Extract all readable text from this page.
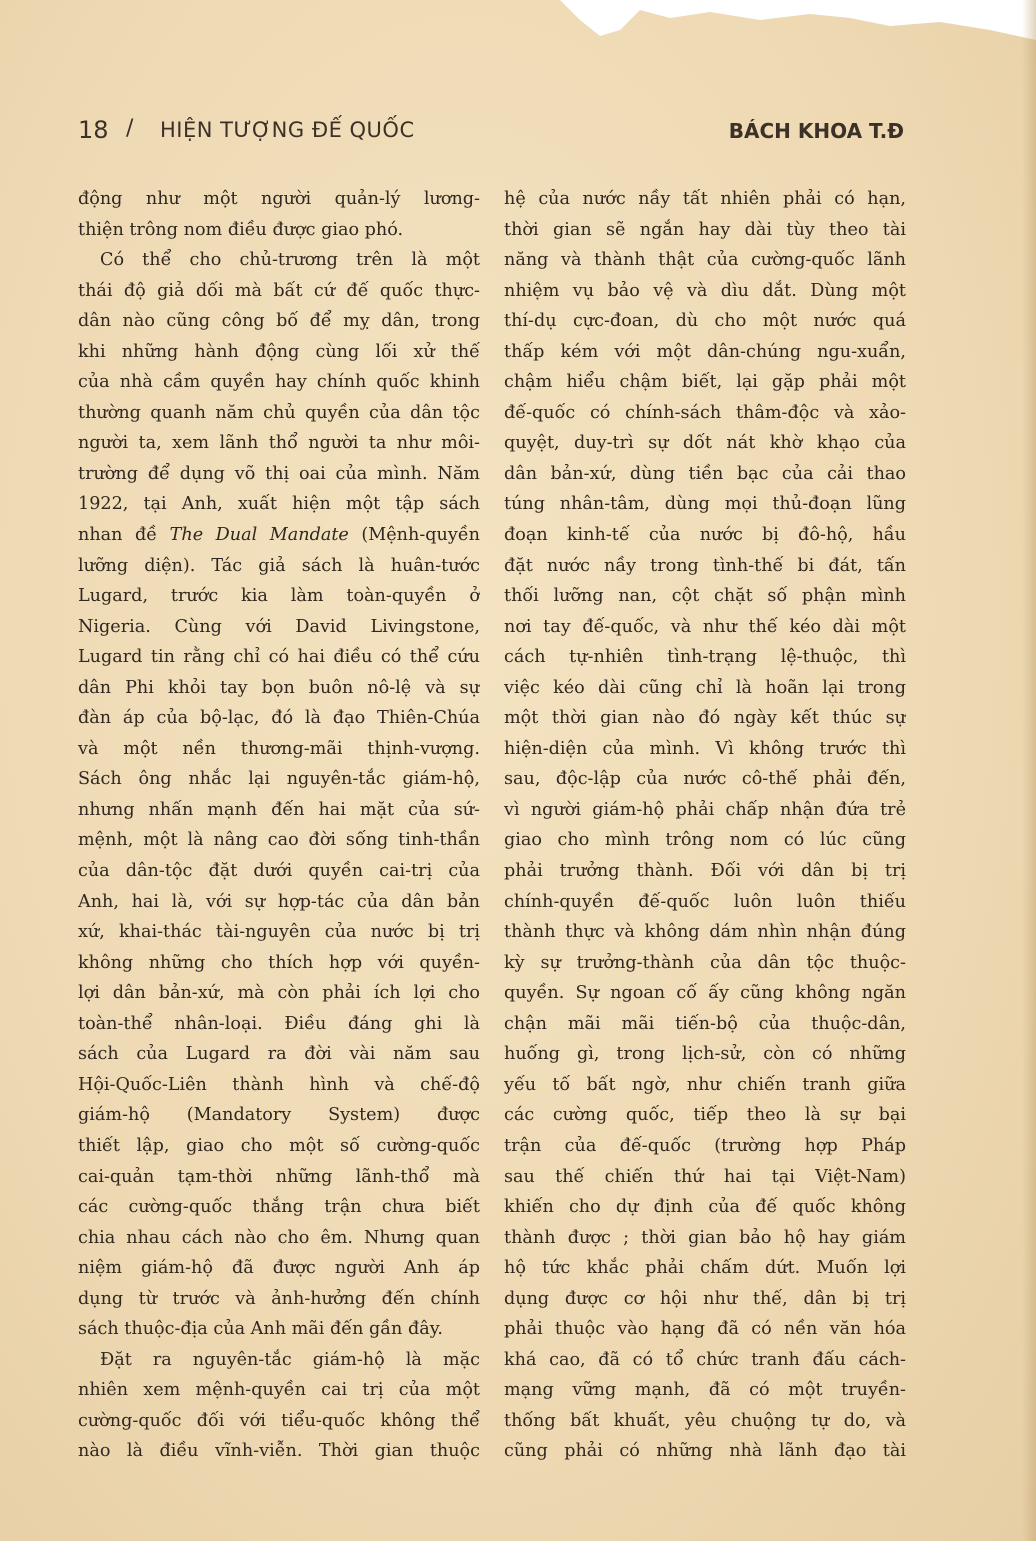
18 / HIỆN TƯỢNG ĐẾ QUỐC	BÁCH KHOA T.Đ
động như một người quản-lý lương-
thiện trông nom điều được giao phó.
Có thể cho chủ-trương trên là một
thái độ giả dối mà bất cứ đế quốc thực-
dân nào cũng công bố để mỵ dân, trong
khi những hành động cùng lối xử thế
của nhà cầm quyền hay chính quốc khinh
thường quanh năm chủ quyền của dân tộc
người ta, xem lãnh thổ người ta như môi-
trường để dụng võ thị oai của mình. Năm
1922, tại Anh, xuất hiện một tập sách
nhan đề The Dual Mandate (Mệnh-quyền
lưỡng diện). Tác giả sách là huân-tước
Lugard, trước kia làm toàn-quyền ở
Nigeria. Cùng với David Livingstone,
Lugard tin rằng chỉ có hai điều có thể cứu
dân Phi khỏi tay bọn buôn nô-lệ và sự
đàn áp của bộ-lạc, đó là đạo Thiên-Chúa
và một nền thương-mãi thịnh-vượng.
Sách ông nhắc lại nguyên-tắc giám-hộ,
nhưng nhấn mạnh đến hai mặt của sứ-
mệnh, một là nâng cao đời sống tinh-thần
của dân-tộc đặt dưới quyền cai-trị của
Anh, hai là, với sự hợp-tác của dân bản
xứ, khai-thác tài-nguyên của nước bị trị
không những cho thích hợp với quyền-
lợi dân bản-xứ, mà còn phải ích lợi cho
toàn-thể nhân-loại. Điều đáng ghi là
sách của Lugard ra đời vài năm sau
Hội-Quốc-Liên thành hình và chế-độ
giám-hộ (Mandatory System) được
thiết lập, giao cho một số cường-quốc
cai-quản tạm-thời những lãnh-thổ mà
các cường-quốc thắng trận chưa biết
chia nhau cách nào cho êm. Nhưng quan
niệm giám-hộ đã được người Anh áp
dụng từ trước và ảnh-hưởng đến chính
sách thuộc-địa của Anh mãi đến gần đây.
Đặt ra nguyên-tắc giám-hộ là mặc
nhiên xem mệnh-quyền cai trị của một
cường-quốc đối với tiểu-quốc không thể
nào là điều vĩnh-viễn. Thời gian thuộc
hệ của nước nầy tất nhiên phải có hạn,
thời gian sẽ ngắn hay dài tùy theo tài
năng và thành thật của cường-quốc lãnh
nhiệm vụ bảo vệ và dìu dắt. Dùng một
thí-dụ cực-đoan, dù cho một nước quá
thấp kém với một dân-chúng ngu-xuẩn,
chậm hiểu chậm biết, lại gặp phải một
đế-quốc có chính-sách thâm-độc và xảo-
quyệt, duy-trì sự dốt nát khờ khạo của
dân bản-xứ, dùng tiền bạc của cải thao
túng nhân-tâm, dùng mọi thủ-đoạn lũng
đoạn kinh-tế của nước bị đô-hộ, hầu
đặt nước nầy trong tình-thế bi đát, tấn
thối lưỡng nan, cột chặt số phận mình
nơi tay đế-quốc, và như thế kéo dài một
cách tự-nhiên tình-trạng lệ-thuộc, thì
việc kéo dài cũng chỉ là hoãn lại trong
một thời gian nào đó ngày kết thúc sự
hiện-diện của mình. Vì không trước thì
sau, độc-lập của nước cô-thế phải đến,
vì người giám-hộ phải chấp nhận đứa trẻ
giao cho mình trông nom có lúc cũng
phải trưởng thành. Đối với dân bị trị
chính-quyền đế-quốc luôn luôn thiếu
thành thực và không dám nhìn nhận đúng
kỳ sự trưởng-thành của dân tộc thuộc-
quyền. Sự ngoan cố ấy cũng không ngăn
chận mãi mãi tiến-bộ của thuộc-dân,
huống gì, trong lịch-sử, còn có những
yếu tố bất ngờ, như chiến tranh giữa
các cường quốc, tiếp theo là sự bại
trận của đế-quốc (trường hợp Pháp
sau thế chiến thứ hai tại Việt-Nam)
khiến cho dự định của đế quốc không
thành được ; thời gian bảo hộ hay giám
hộ tức khắc phải chấm dứt. Muốn lợi
dụng được cơ hội như thế, dân bị trị
phải thuộc vào hạng đã có nền văn hóa
khá cao, đã có tổ chức tranh đấu cách-
mạng vững mạnh, đã có một truyền-
thống bất khuất, yêu chuộng tự do, và
cũng phải có những nhà lãnh đạo tài
